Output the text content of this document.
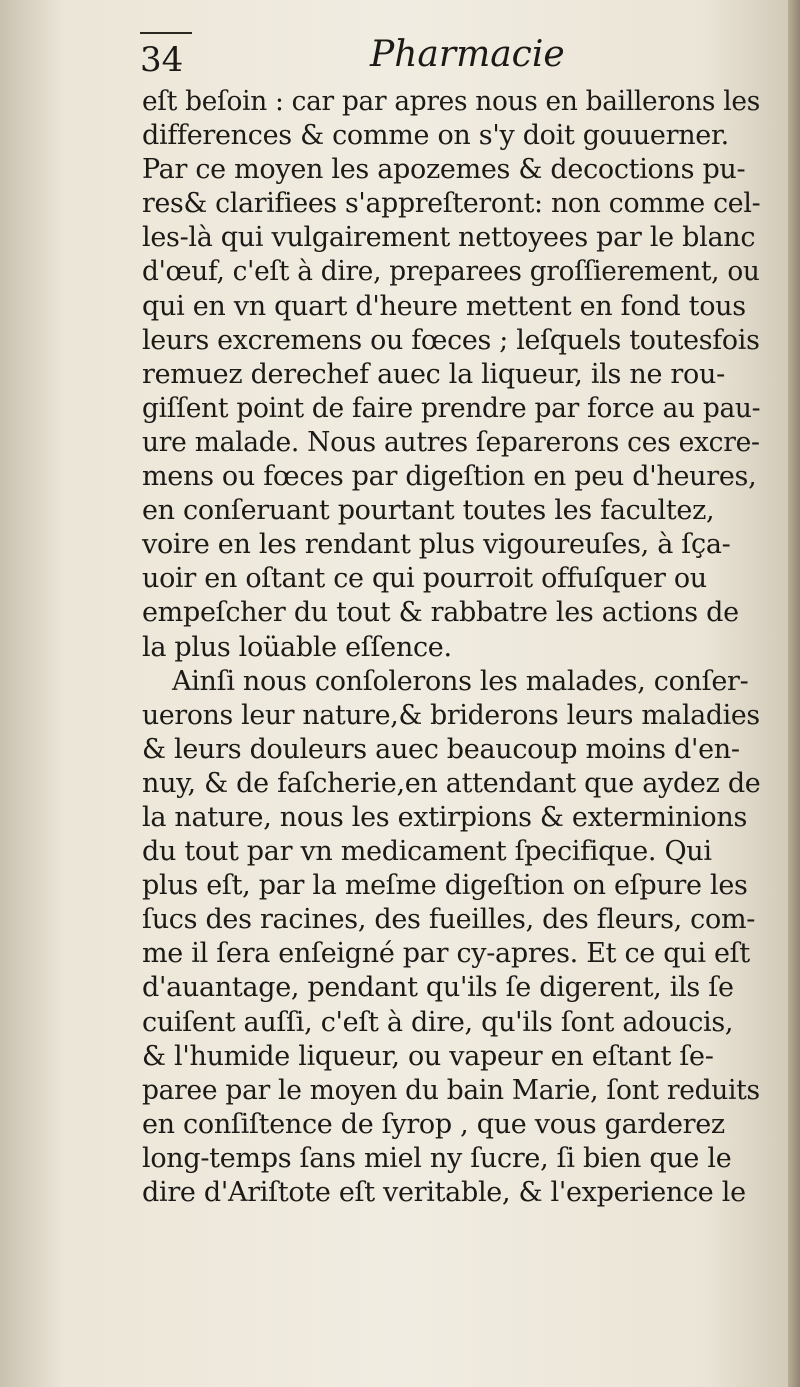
34	Pharmacie
eſt beſoin : car par apres nous en baillerons les
differences & comme on s'y doit gouuerner.
Par ce moyen les apozemes & decoctions pu-
res& clarifiees s'appreſteront: non comme cel-
les-là qui vulgairement nettoyees par le blanc
d'œuf, c'eſt à dire, preparees groſſierement, ou
qui en vn quart d'heure mettent en fond tous
leurs excremens ou fœces ; leſquels toutesfois
remuez derechef auec la liqueur, ils ne rou-
giſſent point de faire prendre par force au pau-
ure malade. Nous autres ſeparerons ces excre-
mens ou fœces par digeſtion en peu d'heures,
en conſeruant pourtant toutes les facultez,
voire en les rendant plus vigoureuſes, à ſça-
uoir en oſtant ce qui pourroit offuſquer ou
empeſcher du tout & rabbatre les actions de
la plus loüable eſſence.
Ainſi nous conſolerons les malades, conſer-
uerons leur nature,& briderons leurs maladies
& leurs douleurs auec beaucoup moins d'en-
nuy, & de faſcherie,en attendant que aydez de
la nature, nous les extirpions & exterminions
du tout par vn medicament ſpecifique. Qui
plus eſt, par la meſme digeſtion on eſpure les
ſucs des racines, des fueilles, des fleurs, com-
me il ſera enſeigné par cy-apres. Et ce qui eſt
d'auantage, pendant qu'ils ſe digerent, ils ſe
cuiſent auſſi, c'eſt à dire, qu'ils ſont adoucis,
& l'humide liqueur, ou vapeur en eſtant ſe-
paree par le moyen du bain Marie, ſont reduits
en conſiſtence de ſyrop , que vous garderez
long-temps ſans miel ny ſucre, ſi bien que le
dire d'Ariſtote eſt veritable, & l'experience le
